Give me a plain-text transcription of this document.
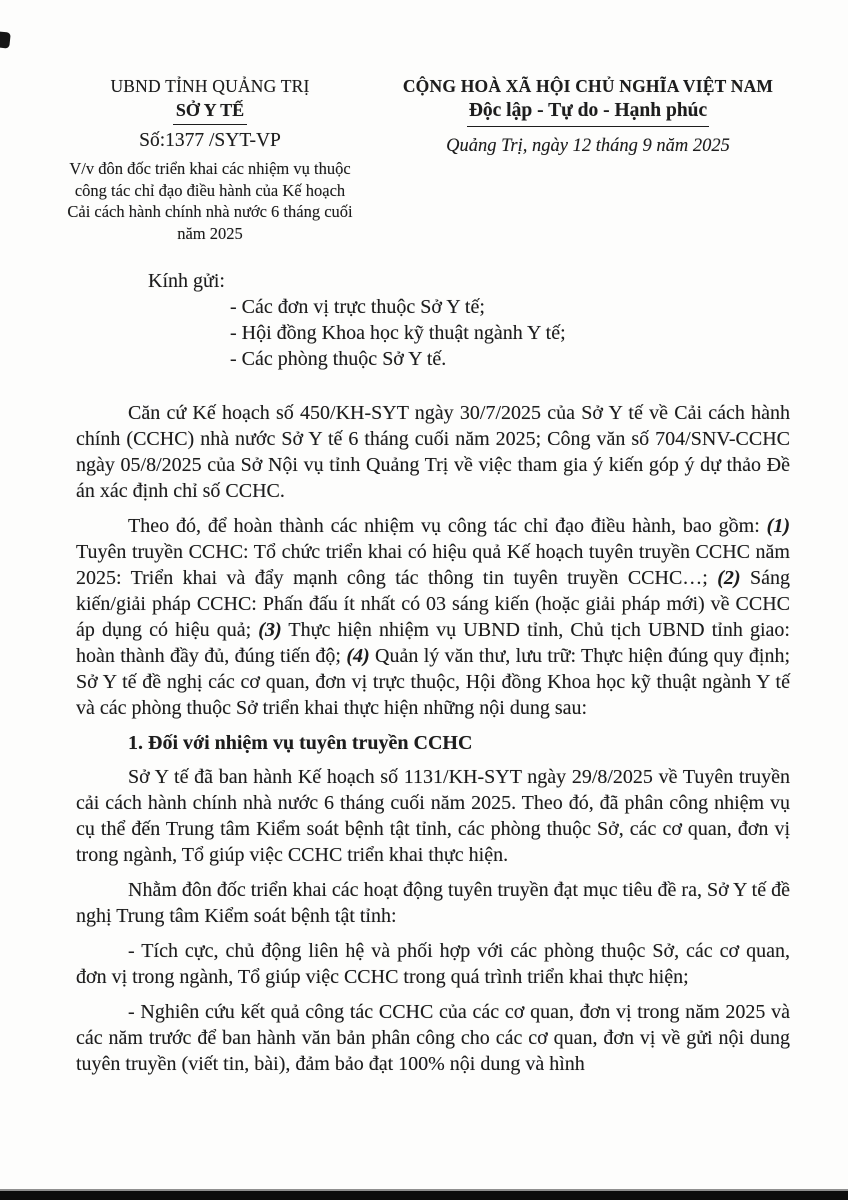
UBND TỈNH QUẢNG TRỊ
SỞ Y TẾ
Số:1377 /SYT-VP
V/v đôn đốc triển khai các nhiệm vụ thuộc công tác chỉ đạo điều hành của Kế hoạch Cải cách hành chính nhà nước 6 tháng cuối năm 2025
CỘNG HOÀ XÃ HỘI CHỦ NGHĨA VIỆT NAM
Độc lập - Tự do - Hạnh phúc
Quảng Trị, ngày 12 tháng 9 năm 2025
Kính gửi:
- Các đơn vị trực thuộc Sở Y tế;
- Hội đồng Khoa học kỹ thuật ngành Y tế;
- Các phòng thuộc Sở Y tế.

Căn cứ Kế hoạch số 450/KH-SYT ngày 30/7/2025 của Sở Y tế về Cải cách hành chính (CCHC) nhà nước Sở Y tế 6 tháng cuối năm 2025; Công văn số 704/SNV-CCHC ngày 05/8/2025 của Sở Nội vụ tỉnh Quảng Trị về việc tham gia ý kiến góp ý dự thảo Đề án xác định chỉ số CCHC.

Theo đó, để hoàn thành các nhiệm vụ công tác chỉ đạo điều hành, bao gồm: (1) Tuyên truyền CCHC: Tổ chức triển khai có hiệu quả Kế hoạch tuyên truyền CCHC năm 2025: Triển khai và đẩy mạnh công tác thông tin tuyên truyền CCHC…; (2) Sáng kiến/giải pháp CCHC: Phấn đấu ít nhất có 03 sáng kiến (hoặc giải pháp mới) về CCHC áp dụng có hiệu quả; (3) Thực hiện nhiệm vụ UBND tỉnh, Chủ tịch UBND tỉnh giao: hoàn thành đầy đủ, đúng tiến độ; (4) Quản lý văn thư, lưu trữ: Thực hiện đúng quy định; Sở Y tế đề nghị các cơ quan, đơn vị trực thuộc, Hội đồng Khoa học kỹ thuật ngành Y tế và các phòng thuộc Sở triển khai thực hiện những nội dung sau:

1. Đối với nhiệm vụ tuyên truyền CCHC

Sở Y tế đã ban hành Kế hoạch số 1131/KH-SYT ngày 29/8/2025 về Tuyên truyền cải cách hành chính nhà nước 6 tháng cuối năm 2025. Theo đó, đã phân công nhiệm vụ cụ thể đến Trung tâm Kiểm soát bệnh tật tỉnh, các phòng thuộc Sở, các cơ quan, đơn vị trong ngành, Tổ giúp việc CCHC triển khai thực hiện.

Nhằm đôn đốc triển khai các hoạt động tuyên truyền đạt mục tiêu đề ra, Sở Y tế đề nghị Trung tâm Kiểm soát bệnh tật tỉnh:

- Tích cực, chủ động liên hệ và phối hợp với các phòng thuộc Sở, các cơ quan, đơn vị trong ngành, Tổ giúp việc CCHC trong quá trình triển khai thực hiện;

- Nghiên cứu kết quả công tác CCHC của các cơ quan, đơn vị trong năm 2025 và các năm trước để ban hành văn bản phân công cho các cơ quan, đơn vị về gửi nội dung tuyên truyền (viết tin, bài), đảm bảo đạt 100% nội dung và hình
